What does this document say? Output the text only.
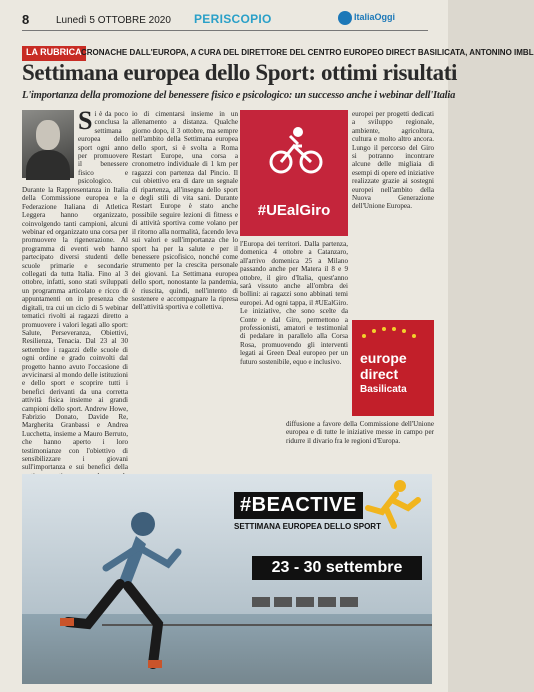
8	Lunedì 5 OTTOBRE 2020 PERISCOPIO	ItaliaOggi
LA RUBRICA CRONACHE DALL'EUROPA, A CURA DEL DIRETTORE DEL CENTRO EUROPEO DIRECT BASILICATA, ANTONINO IMBL
Settimana europea dello Sport: ottimi risultati
L'importanza della promozione del benessere fisico e psicologico: un successo anche i webinar dell'Italia
Si è da poco conclusa la settimana europea dello sport ogni anno per promuovere il benessere fisico e psicologico.

Durante la Rappresentanza in Italia della Commissione europea e la Federazione Italiana di Atletica Leggera hanno organizzato, coinvolgendo tanti campioni, alcuni webinar ed organizzato una corsa per promuovere la rigenerazione. Al programma di eventi web hanno partecipato diversi studenti delle scuole primarie e secondarie collegati da tutta Italia. Fino al 3 ottobre, infatti, sono stati sviluppati un programma articolato e ricco di appuntamenti on in presenza che digitali, tra cui un ciclo di 5 webinar tematici rivolti ai ragazzi diretto a promuovere i valori legati allo sport: Salute, Perseveranza, Obiettivi, Resilienza, Tenacia. Dal 23 al 30 settembre i ragazzi delle scuole di ogni ordine e grado coinvolti dal progetto hanno avuto l'occasione di avvicinarsi al mondo delle istituzioni e dello sport e scoprire tutti i benefici derivanti da una corretta attività fisica insieme ai grandi campioni dello sport. Andrew Howe, Fabrizio Donato, Davide Re, Margherita Granbassi e Andrea Lucchetta, insieme a Mauro Berruto, che hanno aperto i loro testimonianze con l'obiettivo di sensibilizzare i giovani sull'importanza e sui benefici della

io di cimentarsi insieme in un allenamento a distanza. Qualche giorno dopo, il 3 ottobre, ma sempre nell'ambito della Settimana europea dello sport, si è svolta a Roma Restart Europe, una corsa a cronometro individuale di 1 km per ragazzi con partenza dal Pincio. Il cui obiettivo era di dare un segnale di ripartenza, all'insegna dello sport e degli stili di vita sani. Durante Restart Europe è stato anche possibile seguire lezioni di fitness e di attività sportiva come volano per il ritorno alla normalità, facendo leva sui valori e sull'importanza che lo sport ha per la salute e per il benessere psicofisico, nonché come strumento per la crescita personale dei giovani. La Settimana europea dello sport, nonostante la pandemia, è riuscita, quindi, nell'intento di sostenere e accompagnare la ripresa dell'attività sportiva e collettiva.

#UEalGiro

l'Europa dei territori. Dalla partenza, domenica 4 ottobre a Catanzaro, all'arrivo domenica 25 a Milano passando anche per Matera il 8 e 9 ottobre, il giro d'Italia, quest'anno sarà vissuto anche all'ombra dei bollini: ai ragazzi sono abbinati temi europei. Ad ogni tappa, il #UEalGiro. Le iniziative, che sono scelte da Conte e dal Giro, permettono a professionisti, amatori e testimonial di pedalare in parallelo alla Corsa Rosa, promuovendo gli interventi legati ai Green Deal europeo per un futuro sostenibile, equo e inclusivo.

europei per progetti dedicati a sviluppo regionale, ambiente, agricoltura, cultura e molto altro ancora. Lungo il percorso del Giro si potranno incontrare alcune delle migliaia di esempi di opere ed iniziative realizzate grazie ai sostegni europei nell'ambito della Nuova Generazione dell'Unione Europea.

europe
direct
Basilicata

diffusione a favore della Commissione dell'Unione europea e di tutte le iniziative messe in campo per ridurre il divario fra le regioni d'Europa.

#BEACTIVE
SETTIMANA EUROPEA DELLO SPORT
23 - 30 settembre
